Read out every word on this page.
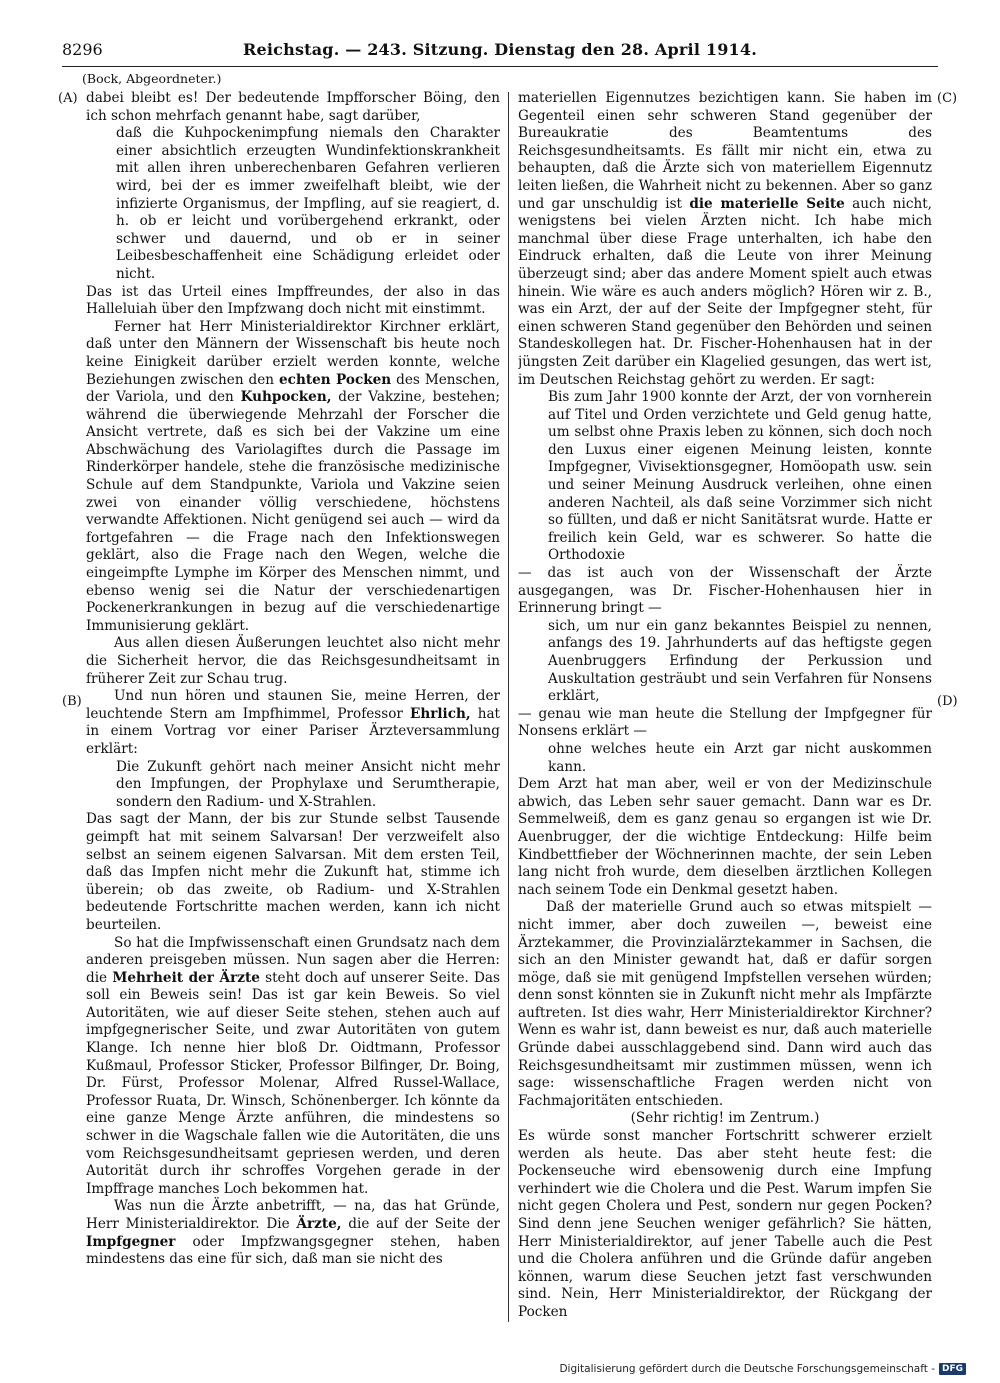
8296	Reichstag. — 243. Sitzung. Dienstag den 28. April 1914.
(Bock, Abgeordneter.)
(A)
(B)
(C)
(D)

dabei bleibt es! Der bedeutende Impfforscher Böing, den ich schon mehrfach genannt habe, sagt darüber,

daß die Kuhpockenimpfung niemals den Charakter einer absichtlich erzeugten Wundinfektionskrankheit mit allen ihren unberechenbaren Gefahren verlieren wird, bei der es immer zweifelhaft bleibt, wie der infizierte Organismus, der Impfling, auf sie reagiert, d. h. ob er leicht und vorübergehend erkrankt, oder schwer und dauernd, und ob er in seiner Leibesbeschaffenheit eine Schädigung erleidet oder nicht.

Das ist das Urteil eines Impffreundes, der also in das Halleluiah über den Impfzwang doch nicht mit einstimmt.

Ferner hat Herr Ministerialdirektor Kirchner erklärt, daß unter den Männern der Wissenschaft bis heute noch keine Einigkeit darüber erzielt werden konnte, welche Beziehungen zwischen den echten Pocken des Menschen, der Variola, und den Kuhpocken, der Vakzine, bestehen; während die überwiegende Mehrzahl der Forscher die Ansicht vertrete, daß es sich bei der Vakzine um eine Abschwächung des Variolagiftes durch die Passage im Rinderkörper handele, stehe die französische medizinische Schule auf dem Standpunkte, Variola und Vakzine seien zwei von einander völlig verschiedene, höchstens verwandte Affektionen. Nicht genügend sei auch — wird da fortgefahren — die Frage nach den Infektionswegen geklärt, also die Frage nach den Wegen, welche die eingeimpfte Lymphe im Körper des Menschen nimmt, und ebenso wenig sei die Natur der verschiedenartigen Pockenerkrankungen in bezug auf die verschiedenartige Immunisierung geklärt.

Aus allen diesen Äußerungen leuchtet also nicht mehr die Sicherheit hervor, die das Reichsgesundheitsamt in früherer Zeit zur Schau trug.

Und nun hören und staunen Sie, meine Herren, der leuchtende Stern am Impfhimmel, Professor Ehrlich, hat in einem Vortrag vor einer Pariser Ärzteversammlung erklärt:

Die Zukunft gehört nach meiner Ansicht nicht mehr den Impfungen, der Prophylaxe und Serumtherapie, sondern den Radium- und X-Strahlen.

Das sagt der Mann, der bis zur Stunde selbst Tausende geimpft hat mit seinem Salvarsan! Der verzweifelt also selbst an seinem eigenen Salvarsan. Mit dem ersten Teil, daß das Impfen nicht mehr die Zukunft hat, stimme ich überein; ob das zweite, ob Radium- und X-Strahlen bedeutende Fortschritte machen werden, kann ich nicht beurteilen.

So hat die Impfwissenschaft einen Grundsatz nach dem anderen preisgeben müssen. Nun sagen aber die Herren: die Mehrheit der Ärzte steht doch auf unserer Seite. Das soll ein Beweis sein! Das ist gar kein Beweis. So viel Autoritäten, wie auf dieser Seite stehen, stehen auch auf impfgegnerischer Seite, und zwar Autoritäten von gutem Klange. Ich nenne hier bloß Dr. Oidtmann, Professor Kußmaul, Professor Sticker, Professor Bilfinger, Dr. Boing, Dr. Fürst, Professor Molenar, Alfred Russel-Wallace, Professor Ruata, Dr. Winsch, Schönenberger. Ich könnte da eine ganze Menge Ärzte anführen, die mindestens so schwer in die Wagschale fallen wie die Autoritäten, die uns vom Reichsgesundheitsamt gepriesen werden, und deren Autorität durch ihr schroffes Vorgehen gerade in der Impffrage manches Loch bekommen hat.

Was nun die Ärzte anbetrifft, — na, das hat Gründe, Herr Ministerialdirektor. Die Ärzte, die auf der Seite der Impfgegner oder Impfzwangsgegner stehen, haben mindestens das eine für sich, daß man sie nicht des

materiellen Eigennutzes bezichtigen kann. Sie haben im Gegenteil einen sehr schweren Stand gegenüber der Bureaukratie des Beamtentums des Reichsgesundheitsamts. Es fällt mir nicht ein, etwa zu behaupten, daß die Ärzte sich von materiellem Eigennutz leiten ließen, die Wahrheit nicht zu bekennen. Aber so ganz und gar unschuldig ist die materielle Seite auch nicht, wenigstens bei vielen Ärzten nicht. Ich habe mich manchmal über diese Frage unterhalten, ich habe den Eindruck erhalten, daß die Leute von ihrer Meinung überzeugt sind; aber das andere Moment spielt auch etwas hinein. Wie wäre es auch anders möglich? Hören wir z. B., was ein Arzt, der auf der Seite der Impfgegner steht, für einen schweren Stand gegenüber den Behörden und seinen Standeskollegen hat. Dr. Fischer-Hohenhausen hat in der jüngsten Zeit darüber ein Klagelied gesungen, das wert ist, im Deutschen Reichstag gehört zu werden. Er sagt:

Bis zum Jahr 1900 konnte der Arzt, der von vornherein auf Titel und Orden verzichtete und Geld genug hatte, um selbst ohne Praxis leben zu können, sich doch noch den Luxus einer eigenen Meinung leisten, konnte Impfgegner, Vivisektionsgegner, Homöopath usw. sein und seiner Meinung Ausdruck verleihen, ohne einen anderen Nachteil, als daß seine Vorzimmer sich nicht so füllten, und daß er nicht Sanitätsrat wurde. Hatte er freilich kein Geld, war es schwerer. So hatte die Orthodoxie

— das ist auch von der Wissenschaft der Ärzte ausgegangen, was Dr. Fischer-Hohenhausen hier in Erinnerung bringt —

sich, um nur ein ganz bekanntes Beispiel zu nennen, anfangs des 19. Jahrhunderts auf das heftigste gegen Auenbruggers Erfindung der Perkussion und Auskultation gesträubt und sein Verfahren für Nonsens erklärt,

— genau wie man heute die Stellung der Impfgegner für Nonsens erklärt —

ohne welches heute ein Arzt gar nicht auskommen kann.

Dem Arzt hat man aber, weil er von der Medizinschule abwich, das Leben sehr sauer gemacht. Dann war es Dr. Semmelweiß, dem es ganz genau so ergangen ist wie Dr. Auenbrugger, der die wichtige Entdeckung: Hilfe beim Kindbettfieber der Wöchnerinnen machte, der sein Leben lang nicht froh wurde, dem dieselben ärztlichen Kollegen nach seinem Tode ein Denkmal gesetzt haben.

Daß der materielle Grund auch so etwas mitspielt — nicht immer, aber doch zuweilen —, beweist eine Ärztekammer, die Provinzialärztekammer in Sachsen, die sich an den Minister gewandt hat, daß er dafür sorgen möge, daß sie mit genügend Impfstellen versehen würden; denn sonst könnten sie in Zukunft nicht mehr als Impfärzte auftreten. Ist dies wahr, Herr Ministerialdirektor Kirchner? Wenn es wahr ist, dann beweist es nur, daß auch materielle Gründe dabei ausschlaggebend sind. Dann wird auch das Reichsgesundheitsamt mir zustimmen müssen, wenn ich sage: wissenschaftliche Fragen werden nicht von Fachmajoritäten entschieden.

(Sehr richtig! im Zentrum.)

Es würde sonst mancher Fortschritt schwerer erzielt werden als heute. Das aber steht heute fest: die Pockenseuche wird ebensowenig durch eine Impfung verhindert wie die Cholera und die Pest. Warum impfen Sie nicht gegen Cholera und Pest, sondern nur gegen Pocken? Sind denn jene Seuchen weniger gefährlich? Sie hätten, Herr Ministerialdirektor, auf jener Tabelle auch die Pest und die Cholera anführen und die Gründe dafür angeben können, warum diese Seuchen jetzt fast verschwunden sind. Nein, Herr Ministerialdirektor, der Rückgang der Pocken

Digitalisierung gefördert durch die Deutsche Forschungsgemeinschaft - DFG
